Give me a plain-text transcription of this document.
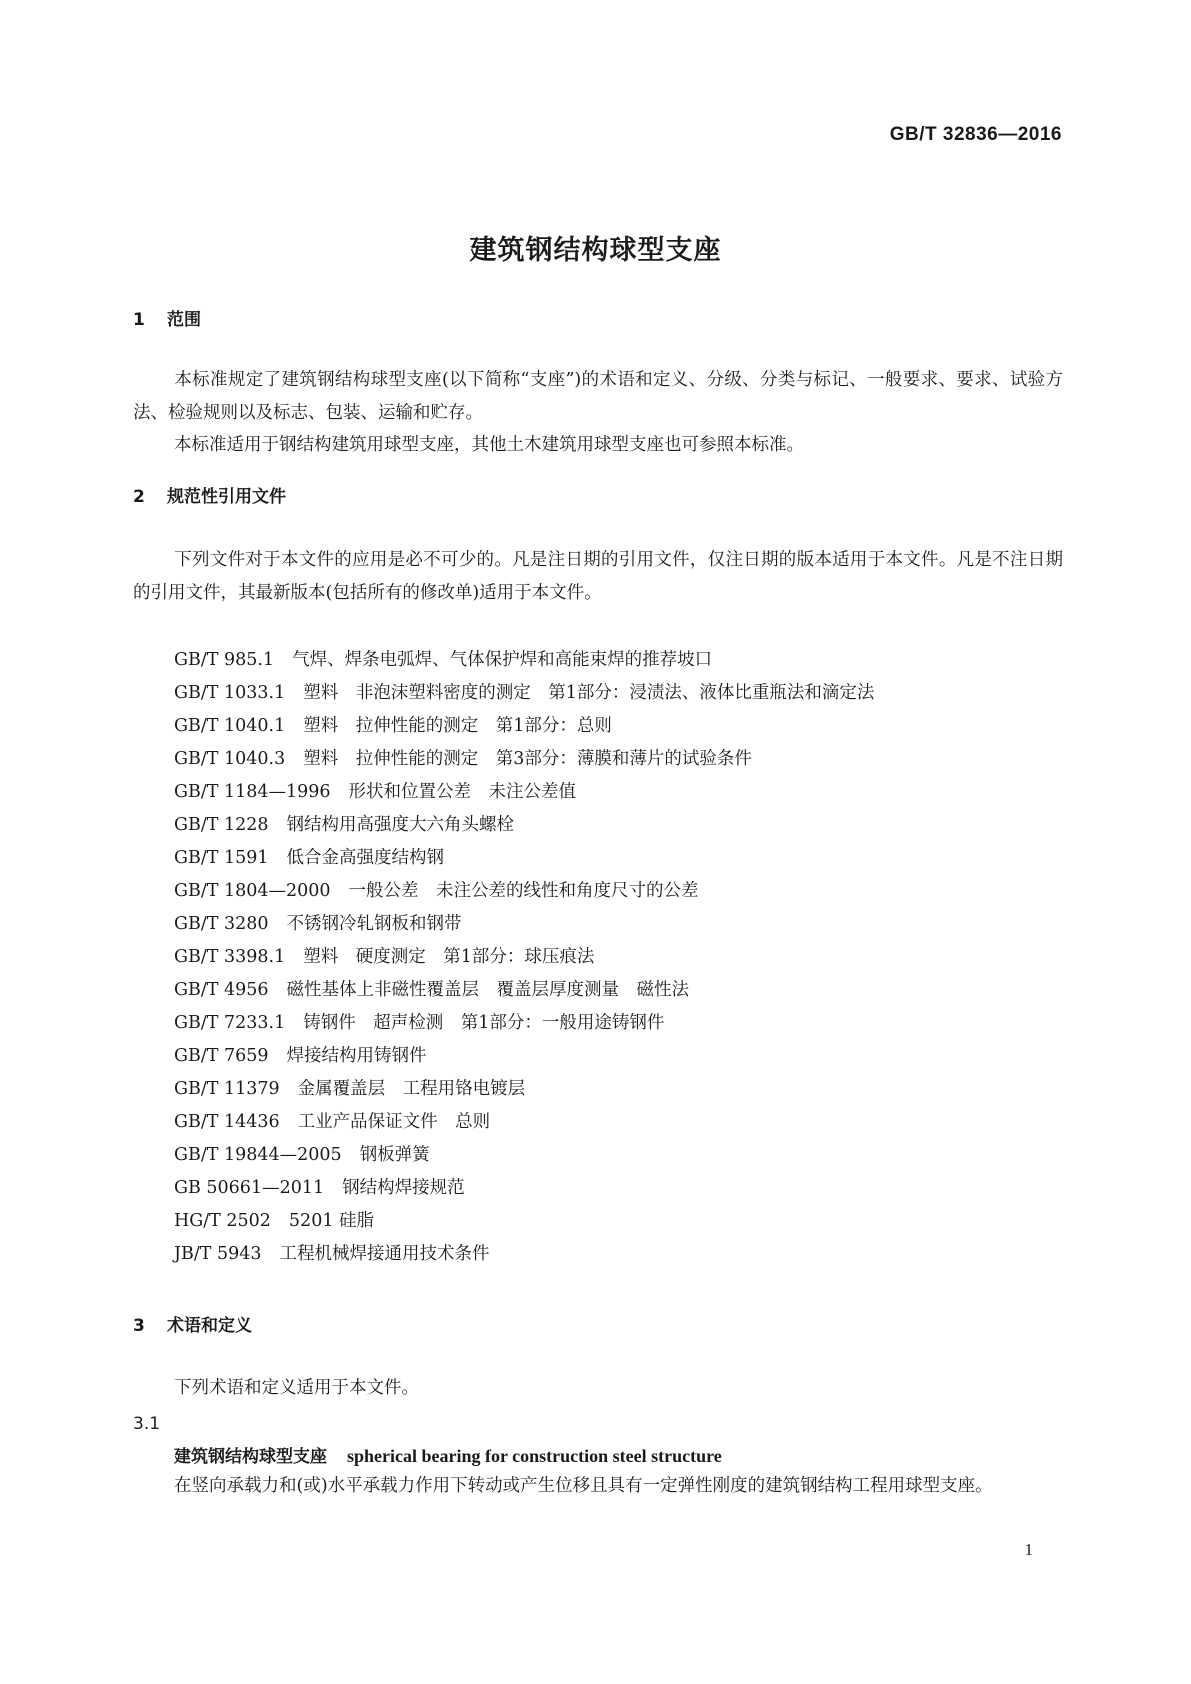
GB/T 32836—2016
建筑钢结构球型支座
1 范围

本标准规定了建筑钢结构球型支座(以下简称“支座”)的术语和定义、分级、分类与标记、一般要求、要求、试验方法、检验规则以及标志、包装、运输和贮存。

本标准适用于钢结构建筑用球型支座，其他土木建筑用球型支座也可参照本标准。

2 规范性引用文件

下列文件对于本文件的应用是必不可少的。凡是注日期的引用文件，仅注日期的版本适用于本文件。凡是不注日期的引用文件，其最新版本(包括所有的修改单)适用于本文件。

GB/T 985.1 气焊、焊条电弧焊、气体保护焊和高能束焊的推荐坡口
GB/T 1033.1 塑料　非泡沫塑料密度的测定　第1部分：浸渍法、液体比重瓶法和滴定法
GB/T 1040.1 塑料　拉伸性能的测定　第1部分：总则
GB/T 1040.3 塑料　拉伸性能的测定　第3部分：薄膜和薄片的试验条件
GB/T 1184—1996 形状和位置公差　未注公差值
GB/T 1228 钢结构用高强度大六角头螺栓
GB/T 1591 低合金高强度结构钢
GB/T 1804—2000 一般公差　未注公差的线性和角度尺寸的公差
GB/T 3280 不锈钢冷轧钢板和钢带
GB/T 3398.1 塑料　硬度测定　第1部分：球压痕法
GB/T 4956 磁性基体上非磁性覆盖层　覆盖层厚度测量　磁性法
GB/T 7233.1 铸钢件　超声检测　第1部分：一般用途铸钢件
GB/T 7659 焊接结构用铸钢件
GB/T 11379 金属覆盖层　工程用铬电镀层
GB/T 14436 工业产品保证文件　总则
GB/T 19844—2005 钢板弹簧
GB 50661—2011 钢结构焊接规范
HG/T 2502 5201 硅脂
JB/T 5943 工程机械焊接通用技术条件
3 术语和定义

下列术语和定义适用于本文件。

3.1
建筑钢结构球型支座 spherical bearing for construction steel structure

在竖向承载力和(或)水平承载力作用下转动或产生位移且具有一定弹性刚度的建筑钢结构工程用球型支座。

1
